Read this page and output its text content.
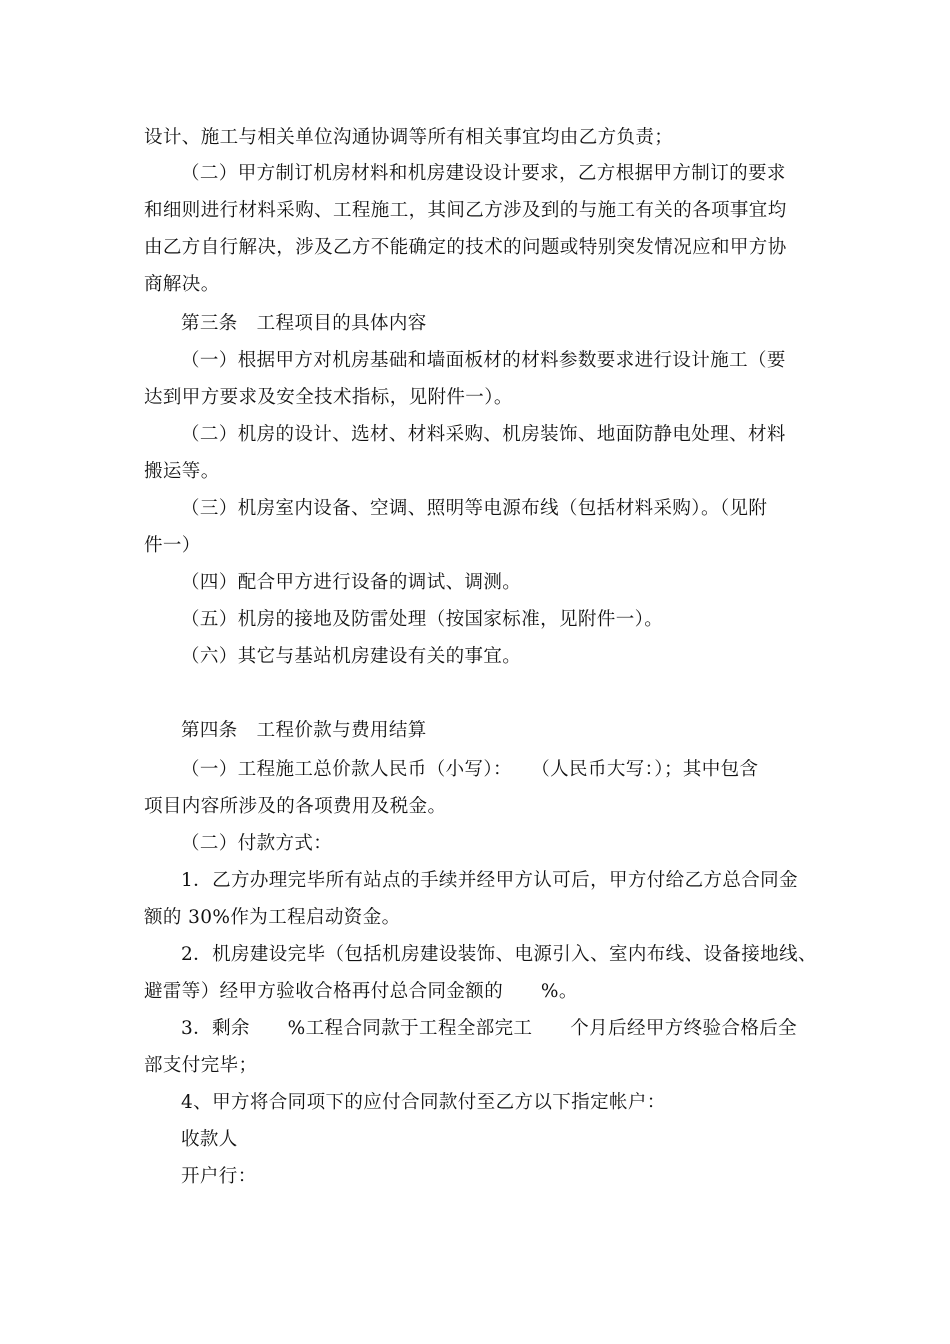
设计、施工与相关单位沟通协调等所有相关事宜均由乙方负责；
（二）甲方制订机房材料和机房建设设计要求，乙方根据甲方制订的要求
和细则进行材料采购、工程施工，其间乙方涉及到的与施工有关的各项事宜均
由乙方自行解决，涉及乙方不能确定的技术的问题或特别突发情况应和甲方协
商解决。
第三条　工程项目的具体内容
（一）根据甲方对机房基础和墙面板材的材料参数要求进行设计施工（要
达到甲方要求及安全技术指标，见附件一）。
（二）机房的设计、选材、材料采购、机房装饰、地面防静电处理、材料
搬运等。
（三）机房室内设备、空调、照明等电源布线（包括材料采购）。（见附
件一）
（四）配合甲方进行设备的调试、调测。
（五）机房的接地及防雷处理（按国家标准，见附件一）。
（六）其它与基站机房建设有关的事宜。
第四条　工程价款与费用结算
（一）工程施工总价款人民币（小写）：　　（人民币大写：）；其中包含
项目内容所涉及的各项费用及税金。
（二）付款方式：
1．乙方办理完毕所有站点的手续并经甲方认可后，甲方付给乙方总合同金
额的 30%作为工程启动资金。
2．机房建设完毕（包括机房建设装饰、电源引入、室内布线、设备接地线、
避雷等）经甲方验收合格再付总合同金额的　　%。
3．剩余　　%工程合同款于工程全部完工　　个月后经甲方终验合格后全
部支付完毕；
4、甲方将合同项下的应付合同款付至乙方以下指定帐户：
收款人
开户行：
